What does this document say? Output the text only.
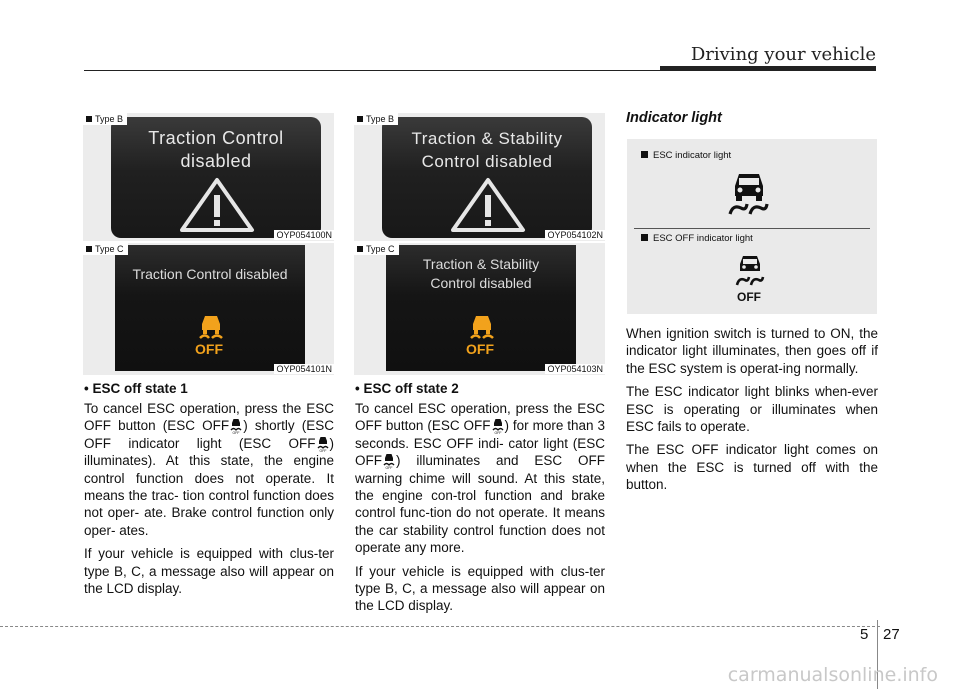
Driving your vehicle
Traction Control
disabled
Type B
OYP054100N
Traction Control disabled
OFF
Type C
OYP054101N
Traction & Stability
Control disabled
Type B
OYP054102N
Traction & Stability
Control disabled
OFF
Type C
OYP054103N
• ESC off state 1

To cancel ESC operation, press the ESC OFF button (ESC OFF OFF ) shortly (ESC OFF indicator light (ESC OFF OFF ) illuminates). At this state, the engine control function does not operate. It means the trac- tion control function does not oper- ate. Brake control function only oper- ates.

If your vehicle is equipped with clus-ter type B, C, a message also will appear on the LCD display.

• ESC off state 2

To cancel ESC operation, press the ESC OFF button (ESC OFF OFF ) for more than 3 seconds. ESC OFF indi- cator light (ESC OFF OFF ) illuminates and ESC OFF warning chime will sound. At this state, the engine con-trol function and brake control func-tion do not operate. It means the car stability control function does not operate any more.

If your vehicle is equipped with clus-ter type B, C, a message also will appear on the LCD display.

Indicator light
ESC indicator light
ESC OFF indicator light
OFF

When ignition switch is turned to ON, the indicator light illuminates, then goes off if the ESC system is operat-ing normally.

The ESC indicator light blinks when-ever ESC is operating or illuminates when ESC fails to operate.

The ESC OFF indicator light comes on when the ESC is turned off with the button.

5 27
carmanualsonline.info
